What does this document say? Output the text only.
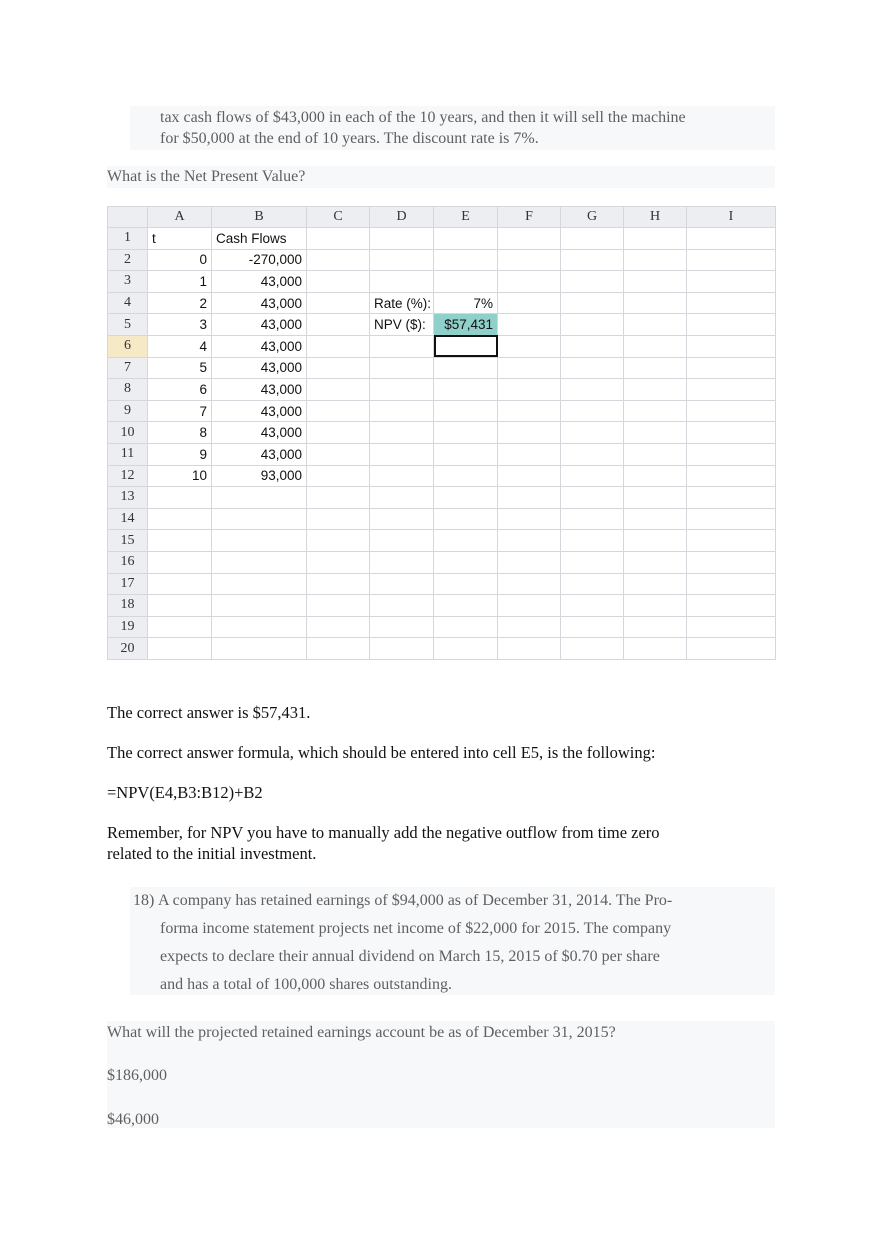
tax cash flows of $43,000 in each of the 10 years, and then it will sell the machine
for $50,000 at the end of 10 years. The discount rate is 7%.
What is the Net Present Value?
	A	B	C	D	E	F	G	H	I	
1	t	Cash Flows								
2	0	-270,000								
3	1	43,000								
4	2	43,000		Rate (%):	7%					
5	3	43,000		NPV ($):	$57,431					
6	4	43,000								
7	5	43,000								
8	6	43,000								
9	7	43,000								
10	8	43,000								
11	9	43,000								
12	10	93,000								
13										
14										
15										
16										
17										
18										
19										
20										
The correct answer is $57,431.
The correct answer formula, which should be entered into cell E5, is the following:
=NPV(E4,B3:B12)+B2
Remember, for NPV you have to manually add the negative outflow from time zero
related to the initial investment.
18) A company has retained earnings of $94,000 as of December 31, 2014. The Pro-
forma income statement projects net income of $22,000 for 2015. The company
expects to declare their annual dividend on March 15, 2015 of $0.70 per share
and has a total of 100,000 shares outstanding.
What will the projected retained earnings account be as of December 31, 2015?
$186,000
$46,000
